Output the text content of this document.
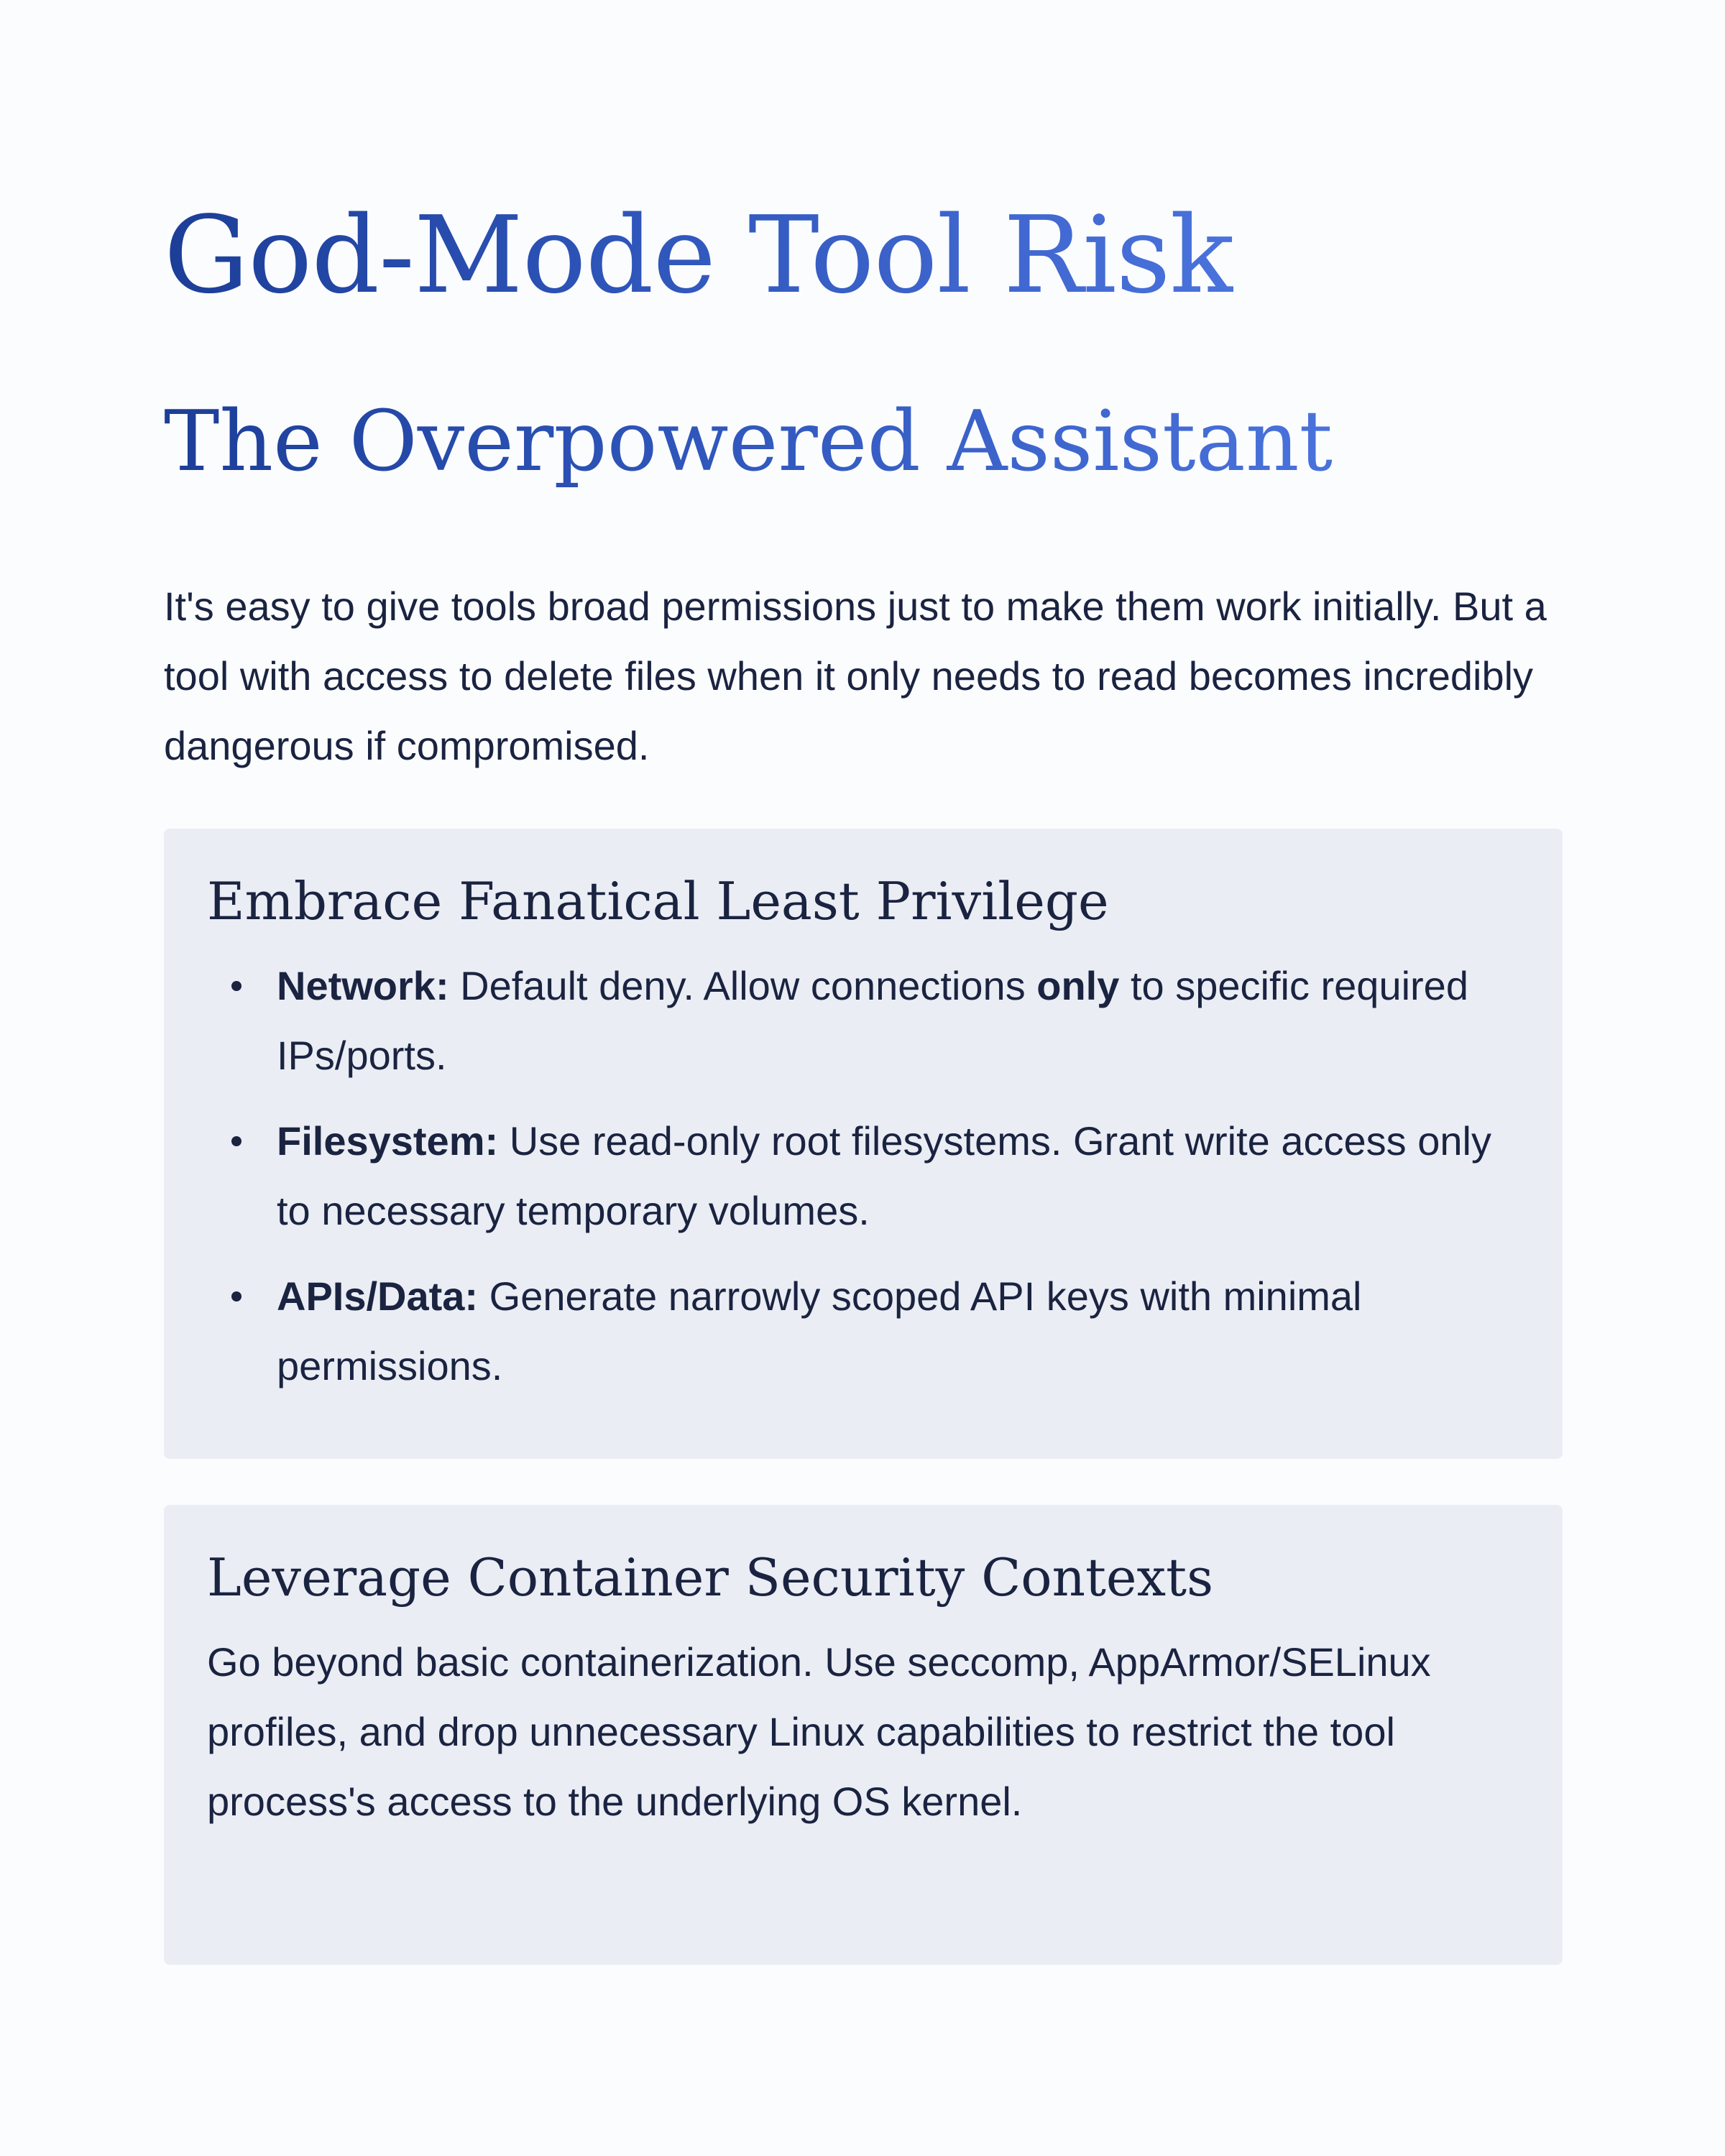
God-Mode Tool Risk
The Overpowered Assistant

It's easy to give tools broad permissions just to make them work initially. But a tool with access to delete files when it only needs to read becomes incredibly dangerous if compromised.

Embrace Fanatical Least Privilege
Network: Default deny. Allow connections only to specific required IPs/ports.
Filesystem: Use read-only root filesystems. Grant write access only to necessary temporary volumes.
APIs/Data: Generate narrowly scoped API keys with minimal permissions.
Leverage Container Security Contexts

Go beyond basic containerization. Use seccomp, AppArmor/SELinux profiles, and drop unnecessary Linux capabilities to restrict the tool process's access to the underlying OS kernel.
